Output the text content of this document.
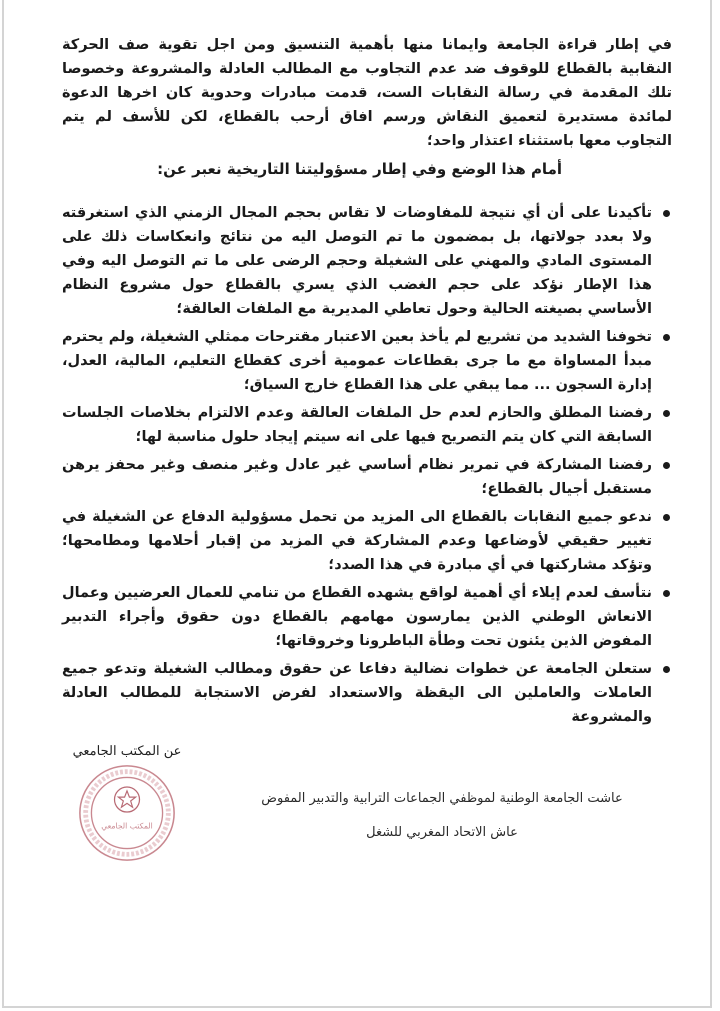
في إطار قراءة الجامعة وايمانا منها بأهمية التنسيق ومن اجل تقوية صف الحركة النقابية بالقطاع للوقوف ضد عدم التجاوب مع المطالب العادلة والمشروعة وخصوصا تلك المقدمة في رسالة النقابات الست، قدمت مبادرات وحدوية كان اخرها الدعوة لمائدة مستديرة لتعميق النقاش ورسم افاق أرحب بالقطاع، لكن للأسف لم يتم التجاوب معها باستثناء اعتذار واحد؛

أمام هذا الوضع وفي إطار مسؤوليتنا التاريخية نعبر عن:
تأكيدنا على أن أي نتيجة للمفاوضات لا تقاس بحجم المجال الزمني الذي استغرقته ولا بعدد جولاتها، بل بمضمون ما تم التوصل اليه من نتائج وانعكاسات ذلك على المستوى المادي والمهني على الشغيلة وحجم الرضى على ما تم التوصل اليه وفي هذا الإطار نؤكد على حجم الغضب الذي يسري بالقطاع حول مشروع النظام الأساسي بصيغته الحالية وحول تعاطي المديرية مع الملفات العالقة؛
تخوفنا الشديد من تشريع لم يأخذ بعين الاعتبار مقترحات ممثلي الشغيلة، ولم يحترم مبدأ المساواة مع ما جرى بقطاعات عمومية أخرى كقطاع التعليم، المالية، العدل، إدارة السجون ... مما يبقي على هذا القطاع خارج السياق؛
رفضنا المطلق والحازم لعدم حل الملفات العالقة وعدم الالتزام بخلاصات الجلسات السابقة التي كان يتم التصريح فيها على انه سيتم إيجاد حلول مناسبة لها؛
رفضنا المشاركة في تمرير نظام أساسي غير عادل وغير منصف وغير محفز يرهن مستقبل أجيال بالقطاع؛
ندعو جميع النقابات بالقطاع الى المزيد من تحمل مسؤولية الدفاع عن الشغيلة في تغيير حقيقي لأوضاعها وعدم المشاركة في المزيد من إقبار أحلامها ومطامحها؛ وتؤكد مشاركتها في أي مبادرة في هذا الصدد؛
نتأسف لعدم إيلاء أي أهمية لواقع يشهده القطاع من تنامي للعمال العرضيين وعمال الانعاش الوطني الذين يمارسون مهامهم بالقطاع دون حقوق وأجراء التدبير المفوض الذين يئنون تحت وطأة الباطرونا وخروقاتها؛
ستعلن الجامعة عن خطوات نضالية دفاعا عن حقوق ومطالب الشغيلة وتدعو جميع العاملات والعاملين الى اليقظة والاستعداد لفرض الاستجابة للمطالب العادلة والمشروعة
عن المكتب الجامعي
المكتب الجامعي
عاشت الجامعة الوطنية لموظفي الجماعات الترابية والتدبير المفوض
عاش الاتحاد المغربي للشغل
